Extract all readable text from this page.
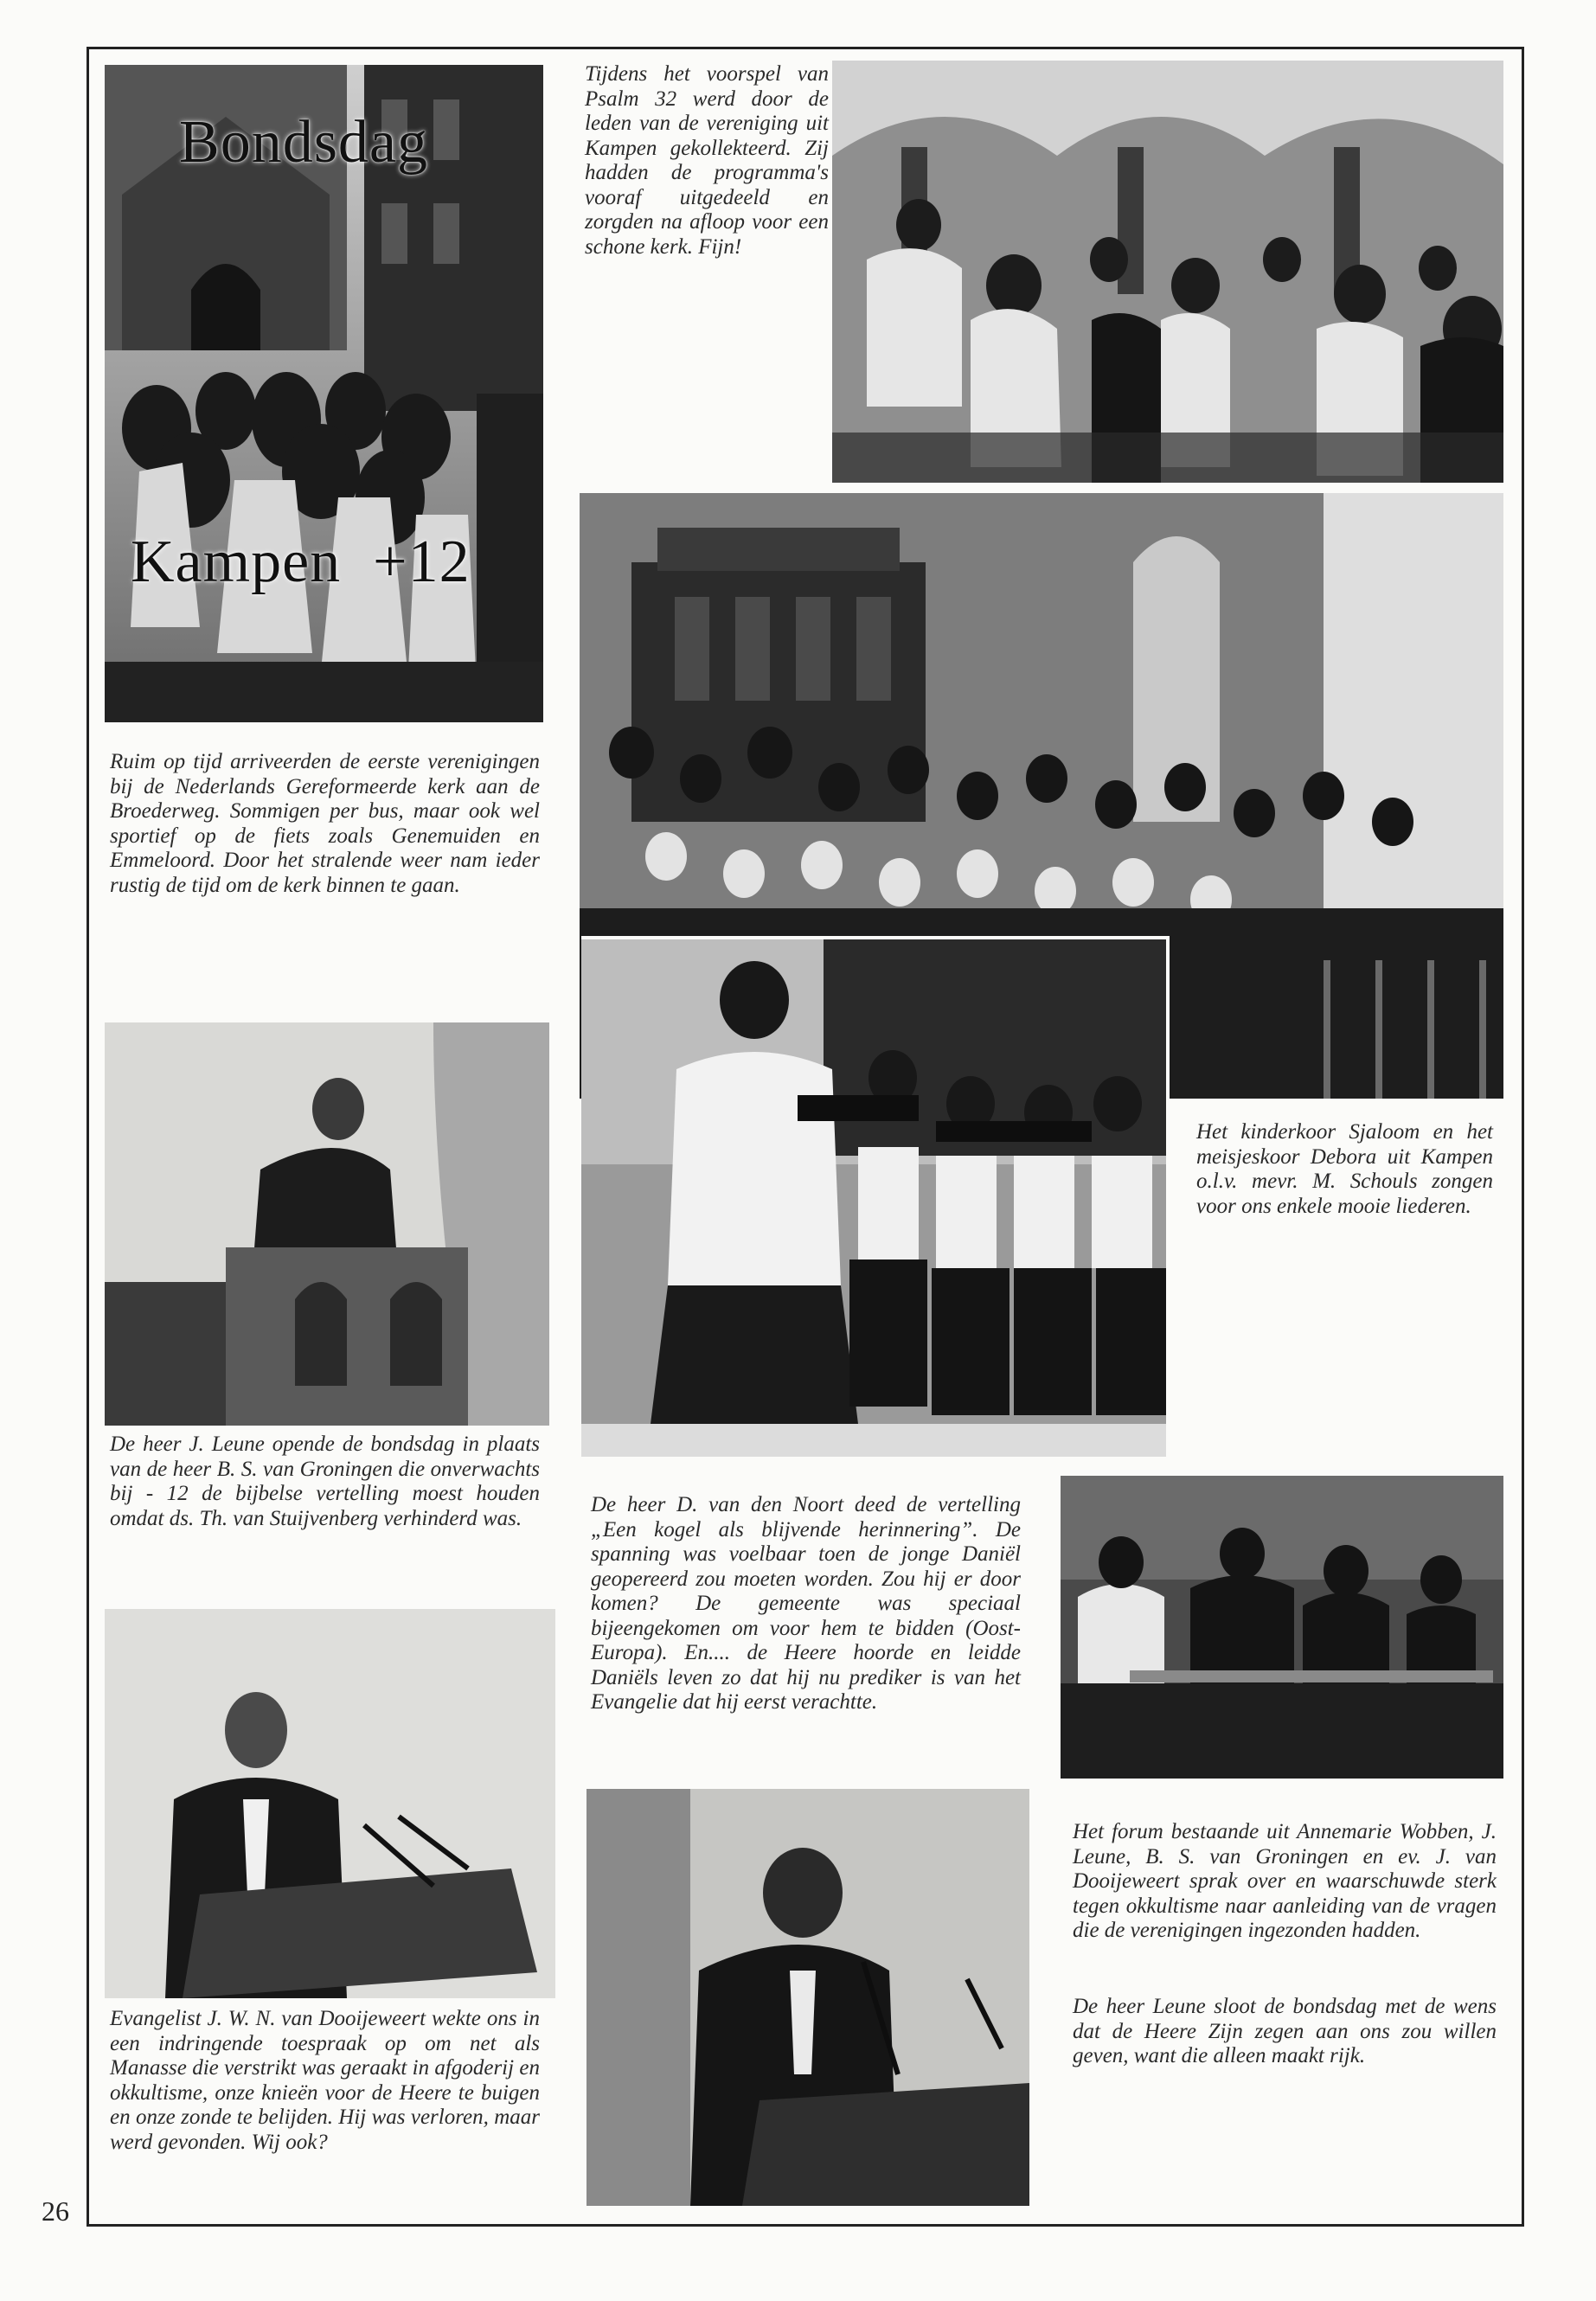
Bondsdag
Kampen  +12

Tijdens het voorspel van Psalm 32 werd door de leden van de vereniging uit Kampen gekollekteerd. Zij hadden de programma's vooraf uitgedeeld en zorgden na afloop voor een schone kerk. Fijn!

Ruim op tijd arriveerden de eerste verenigingen bij de Nederlands Gereformeerde kerk aan de Broederweg. Sommigen per bus, maar ook wel sportief op de fiets zoals Genemuiden en Emmeloord. Door het stralende weer nam ieder rustig de tijd om de kerk binnen te gaan.

Het kinderkoor Sjaloom en het meisjeskoor Debora uit Kampen o.l.v. mevr. M. Schouls zongen voor ons enkele mooie liederen.

De heer J. Leune opende de bondsdag in plaats van de heer B. S. van Groningen die onverwachts bij - 12 de bijbelse vertelling moest houden omdat ds. Th. van Stuijvenberg verhinderd was.

De heer D. van den Noort deed de vertelling „Een kogel als blijvende herinnering”. De spanning was voelbaar toen de jonge Daniël geopereerd zou moeten worden. Zou hij er door komen? De gemeente was speciaal bijeengekomen om voor hem te bidden (Oost-Europa). En.... de Heere hoorde en leidde Daniëls leven zo dat hij nu prediker is van het Evangelie dat hij eerst verachtte.

Evangelist J. W. N. van Dooijeweert wekte ons in een indringende toespraak op om net als Manasse die verstrikt was geraakt in afgoderij en okkultisme, onze knieën voor de Heere te buigen en onze zonde te belijden. Hij was verloren, maar werd gevonden. Wij ook?

Het forum bestaande uit Annemarie Wobben, J. Leune, B. S. van Groningen en ev. J. van Dooijeweert sprak over en waarschuwde sterk tegen okkultisme naar aanleiding van de vragen die de verenigingen ingezonden hadden.

De heer Leune sloot de bondsdag met de wens dat de Heere Zijn zegen aan ons zou willen geven, want die alleen maakt rijk.

26
